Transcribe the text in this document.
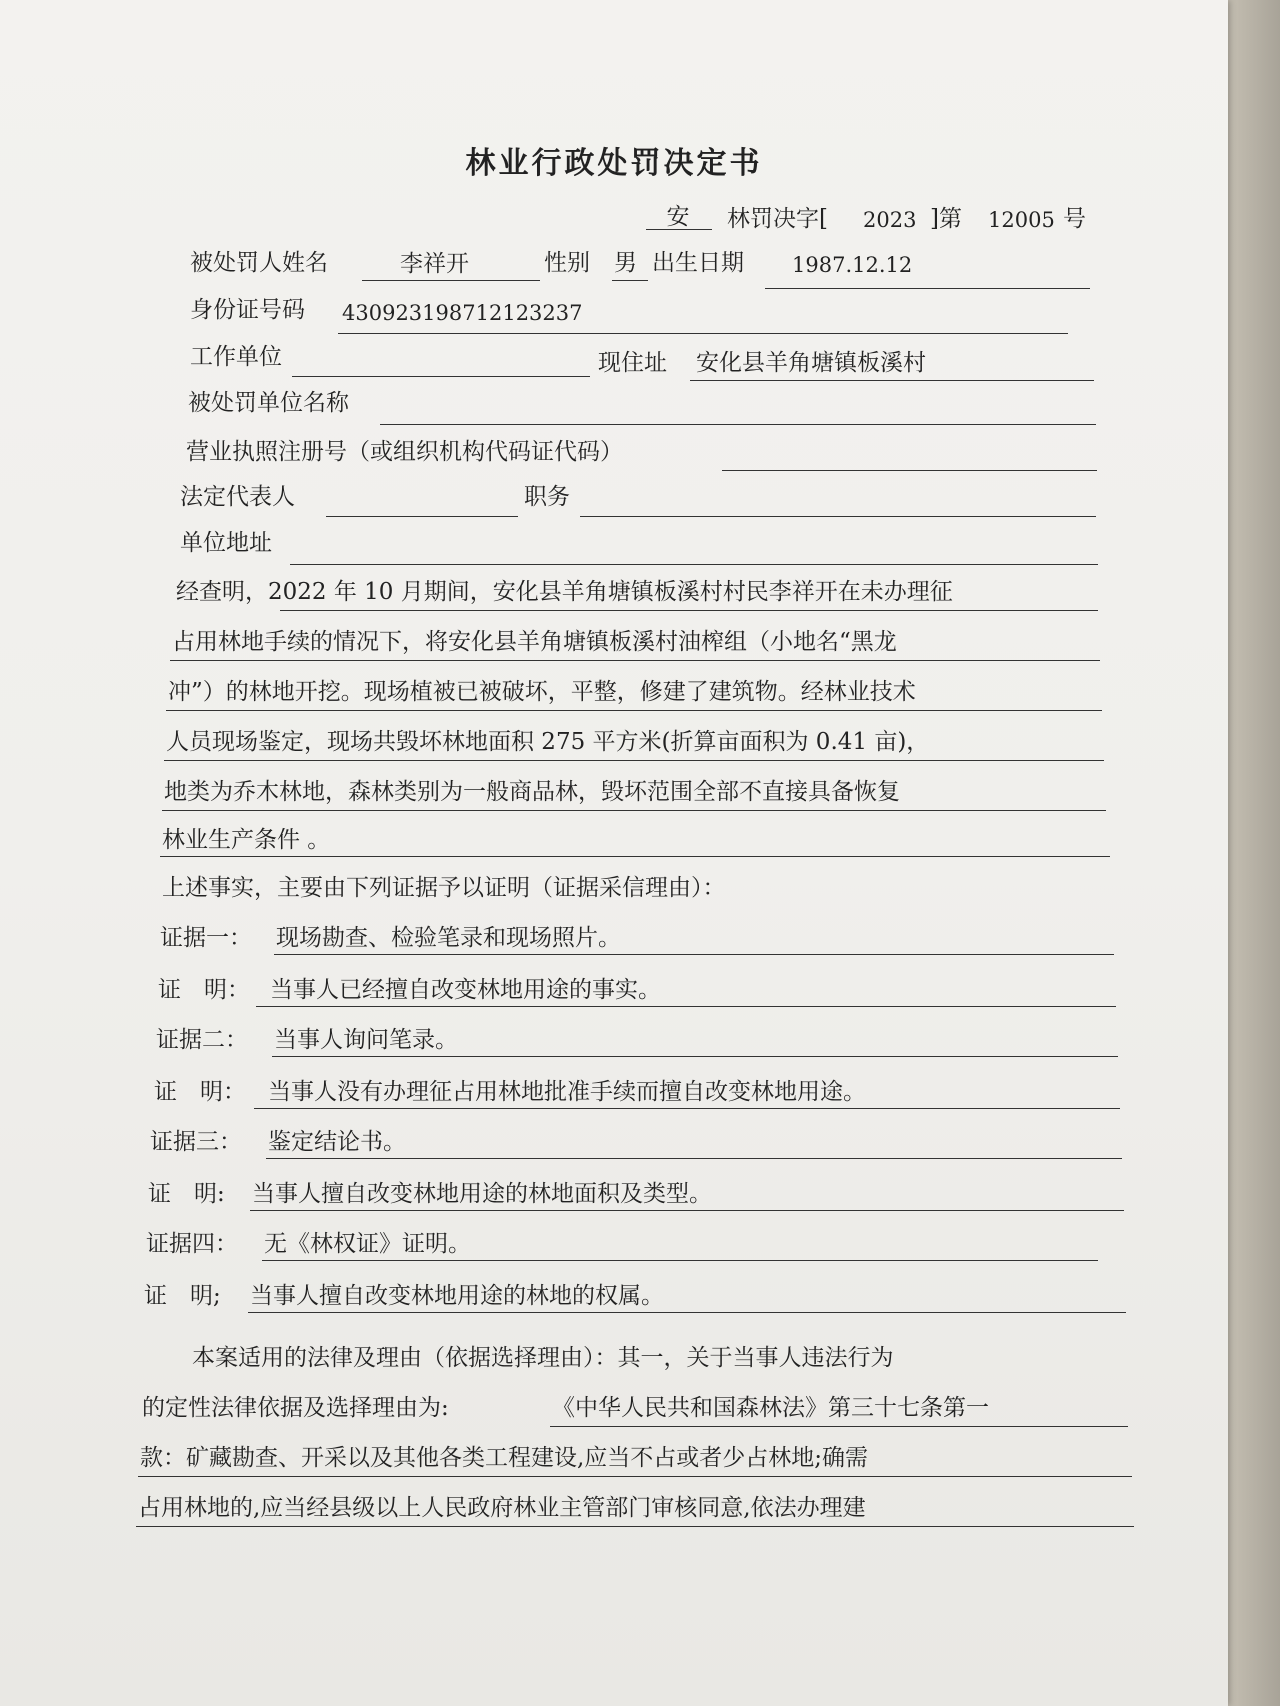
林业行政处罚决定书
安	林罚决字[ 2023 ]第 12005 号
被处罚人姓名	李祥开	性别 男 出生日期 1987.12.12
身份证号码 430923198712123237
工作单位	现住址 安化县羊角塘镇板溪村
被处罚单位名称
营业执照注册号（或组织机构代码证代码）
法定代表人	职务
单位地址
经查明，2022 年 10 月期间，安化县羊角塘镇板溪村村民李祥开在未办理征
占用林地手续的情况下，将安化县羊角塘镇板溪村油榨组（小地名“黑龙
冲”）的林地开挖。现场植被已被破坏，平整，修建了建筑物。经林业技术
人员现场鉴定，现场共毁坏林地面积 275 平方米(折算亩面积为 0.41 亩)，
地类为乔木林地，森林类别为一般商品林，毁坏范围全部不直接具备恢复
林业生产条件 。
上述事实，主要由下列证据予以证明（证据采信理由）：
证据一： 现场勘查、检验笔录和现场照片。
证　明： 当事人已经擅自改变林地用途的事实。
证据二： 当事人询问笔录。
证　明： 当事人没有办理征占用林地批准手续而擅自改变林地用途。
证据三： 鉴定结论书。
证　明: 当事人擅自改变林地用途的林地面积及类型。
证据四： 无《林权证》证明。
证　明; 当事人擅自改变林地用途的林地的权属。
本案适用的法律及理由（依据选择理由）：其一，关于当事人违法行为
的定性法律依据及选择理由为:	《中华人民共和国森林法》第三十七条第一
款：矿藏勘查、开采以及其他各类工程建设,应当不占或者少占林地;确需
占用林地的,应当经县级以上人民政府林业主管部门审核同意,依法办理建
